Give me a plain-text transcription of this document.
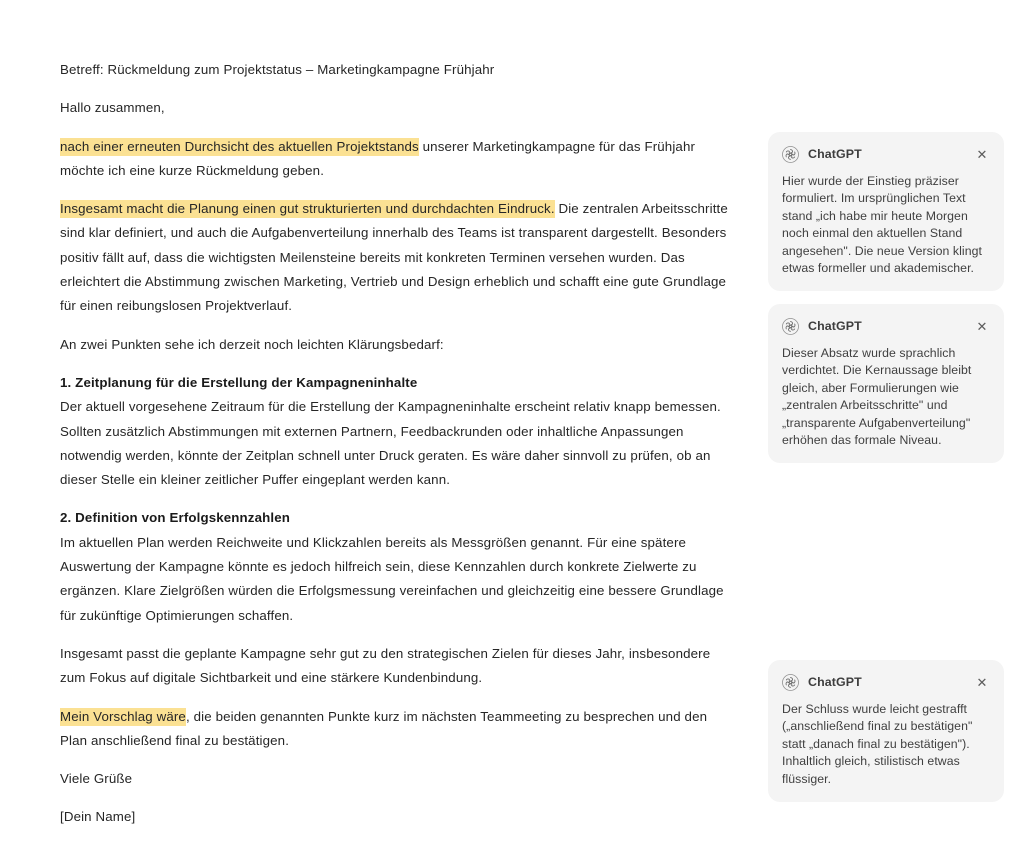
Betreff: Rückmeldung zum Projektstatus – Marketingkampagne Frühjahr
Hallo zusammen,
nach einer erneuten Durchsicht des aktuellen Projektstands unserer Marketingkampagne für das Frühjahr möchte ich eine kurze Rückmeldung geben.
Insgesamt macht die Planung einen gut strukturierten und durchdachten Eindruck. Die zentralen Arbeitsschritte sind klar definiert, und auch die Aufgabenverteilung innerhalb des Teams ist transparent dargestellt. Besonders positiv fällt auf, dass die wichtigsten Meilensteine bereits mit konkreten Terminen versehen wurden. Das erleichtert die Abstimmung zwischen Marketing, Vertrieb und Design erheblich und schafft eine gute Grundlage für einen reibungslosen Projektverlauf.
An zwei Punkten sehe ich derzeit noch leichten Klärungsbedarf:
1. Zeitplanung für die Erstellung der Kampagneninhalte
Der aktuell vorgesehene Zeitraum für die Erstellung der Kampagneninhalte erscheint relativ knapp bemessen. Sollten zusätzlich Abstimmungen mit externen Partnern, Feedbackrunden oder inhaltliche Anpassungen notwendig werden, könnte der Zeitplan schnell unter Druck geraten. Es wäre daher sinnvoll zu prüfen, ob an dieser Stelle ein kleiner zeitlicher Puffer eingeplant werden kann.
2. Definition von Erfolgskennzahlen
Im aktuellen Plan werden Reichweite und Klickzahlen bereits als Messgrößen genannt. Für eine spätere Auswertung der Kampagne könnte es jedoch hilfreich sein, diese Kennzahlen durch konkrete Zielwerte zu ergänzen. Klare Zielgrößen würden die Erfolgsmessung vereinfachen und gleichzeitig eine bessere Grundlage für zukünftige Optimierungen schaffen.
Insgesamt passt die geplante Kampagne sehr gut zu den strategischen Zielen für dieses Jahr, insbesondere zum Fokus auf digitale Sichtbarkeit und eine stärkere Kundenbindung.
Mein Vorschlag wäre, die beiden genannten Punkte kurz im nächsten Teammeeting zu besprechen und den Plan anschließend final zu bestätigen.
Viele Grüße
[Dein Name]
ChatGPT	✕
Hier wurde der Einstieg präziser formuliert. Im ursprünglichen Text stand „ich habe mir heute Morgen noch einmal den aktuellen Stand angesehen". Die neue Version klingt etwas formeller und akademischer.
ChatGPT	✕
Dieser Absatz wurde sprachlich verdichtet. Die Kernaussage bleibt gleich, aber Formulierungen wie „zentralen Arbeitsschritte" und „transparente Aufgabenverteilung" erhöhen das formale Niveau.
ChatGPT	✕
Der Schluss wurde leicht gestrafft („anschließend final zu bestätigen" statt „danach final zu bestätigen"). Inhaltlich gleich, stilistisch etwas flüssiger.
